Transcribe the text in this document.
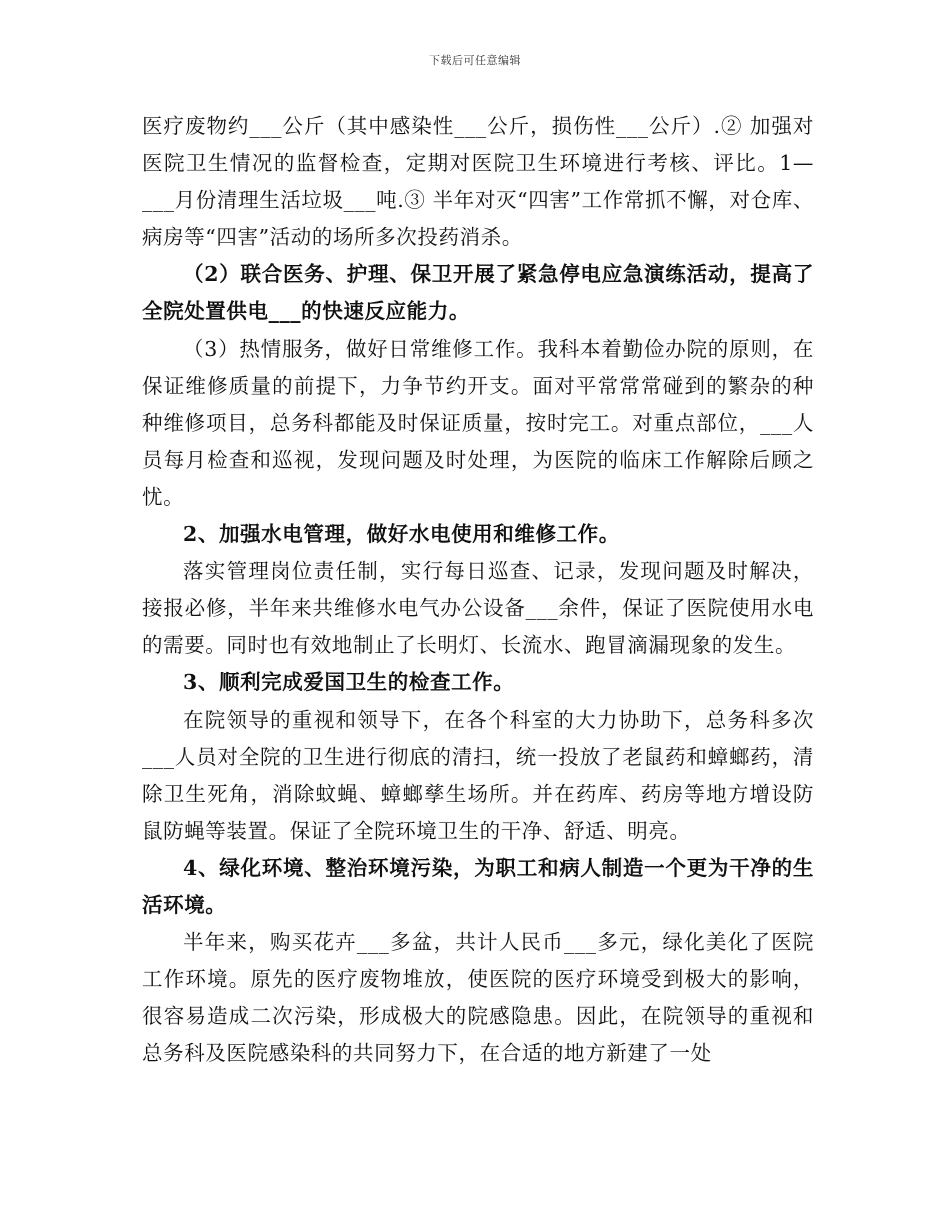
下载后可任意编辑

医疗废物约___公斤（其中感染性___公斤，损伤性___公斤）.② 加强对医院卫生情况的监督检查，定期对医院卫生环境进行考核、评比。1—___月份清理生活垃圾___吨.③ 半年对灭“四害”工作常抓不懈，对仓库、病房等“四害”活动的场所多次投药消杀。

（2）联合医务、护理、保卫开展了紧急停电应急演练活动，提高了全院处置供电___的快速反应能力。

（3）热情服务，做好日常维修工作。我科本着勤俭办院的原则，在保证维修质量的前提下，力争节约开支。面对平常常常碰到的繁杂的种种维修项目，总务科都能及时保证质量，按时完工。对重点部位，___人员每月检查和巡视，发现问题及时处理，为医院的临床工作解除后顾之忧。

2、加强水电管理，做好水电使用和维修工作。

落实管理岗位责任制，实行每日巡查、记录，发现问题及时解决，接报必修，半年来共维修水电气办公设备___余件，保证了医院使用水电的需要。同时也有效地制止了长明灯、长流水、跑冒滴漏现象的发生。

3、顺利完成爱国卫生的检查工作。

在院领导的重视和领导下，在各个科室的大力协助下，总务科多次___人员对全院的卫生进行彻底的清扫，统一投放了老鼠药和蟑螂药，清除卫生死角，消除蚊蝇、蟑螂孳生场所。并在药库、药房等地方增设防鼠防蝇等装置。保证了全院环境卫生的干净、舒适、明亮。

4、绿化环境、整治环境污染，为职工和病人制造一个更为干净的生活环境。

半年来，购买花卉___多盆，共计人民币___多元，绿化美化了医院工作环境。原先的医疗废物堆放，使医院的医疗环境受到极大的影响，很容易造成二次污染，形成极大的院感隐患。因此，在院领导的重视和总务科及医院感染科的共同努力下，在合适的地方新建了一处
